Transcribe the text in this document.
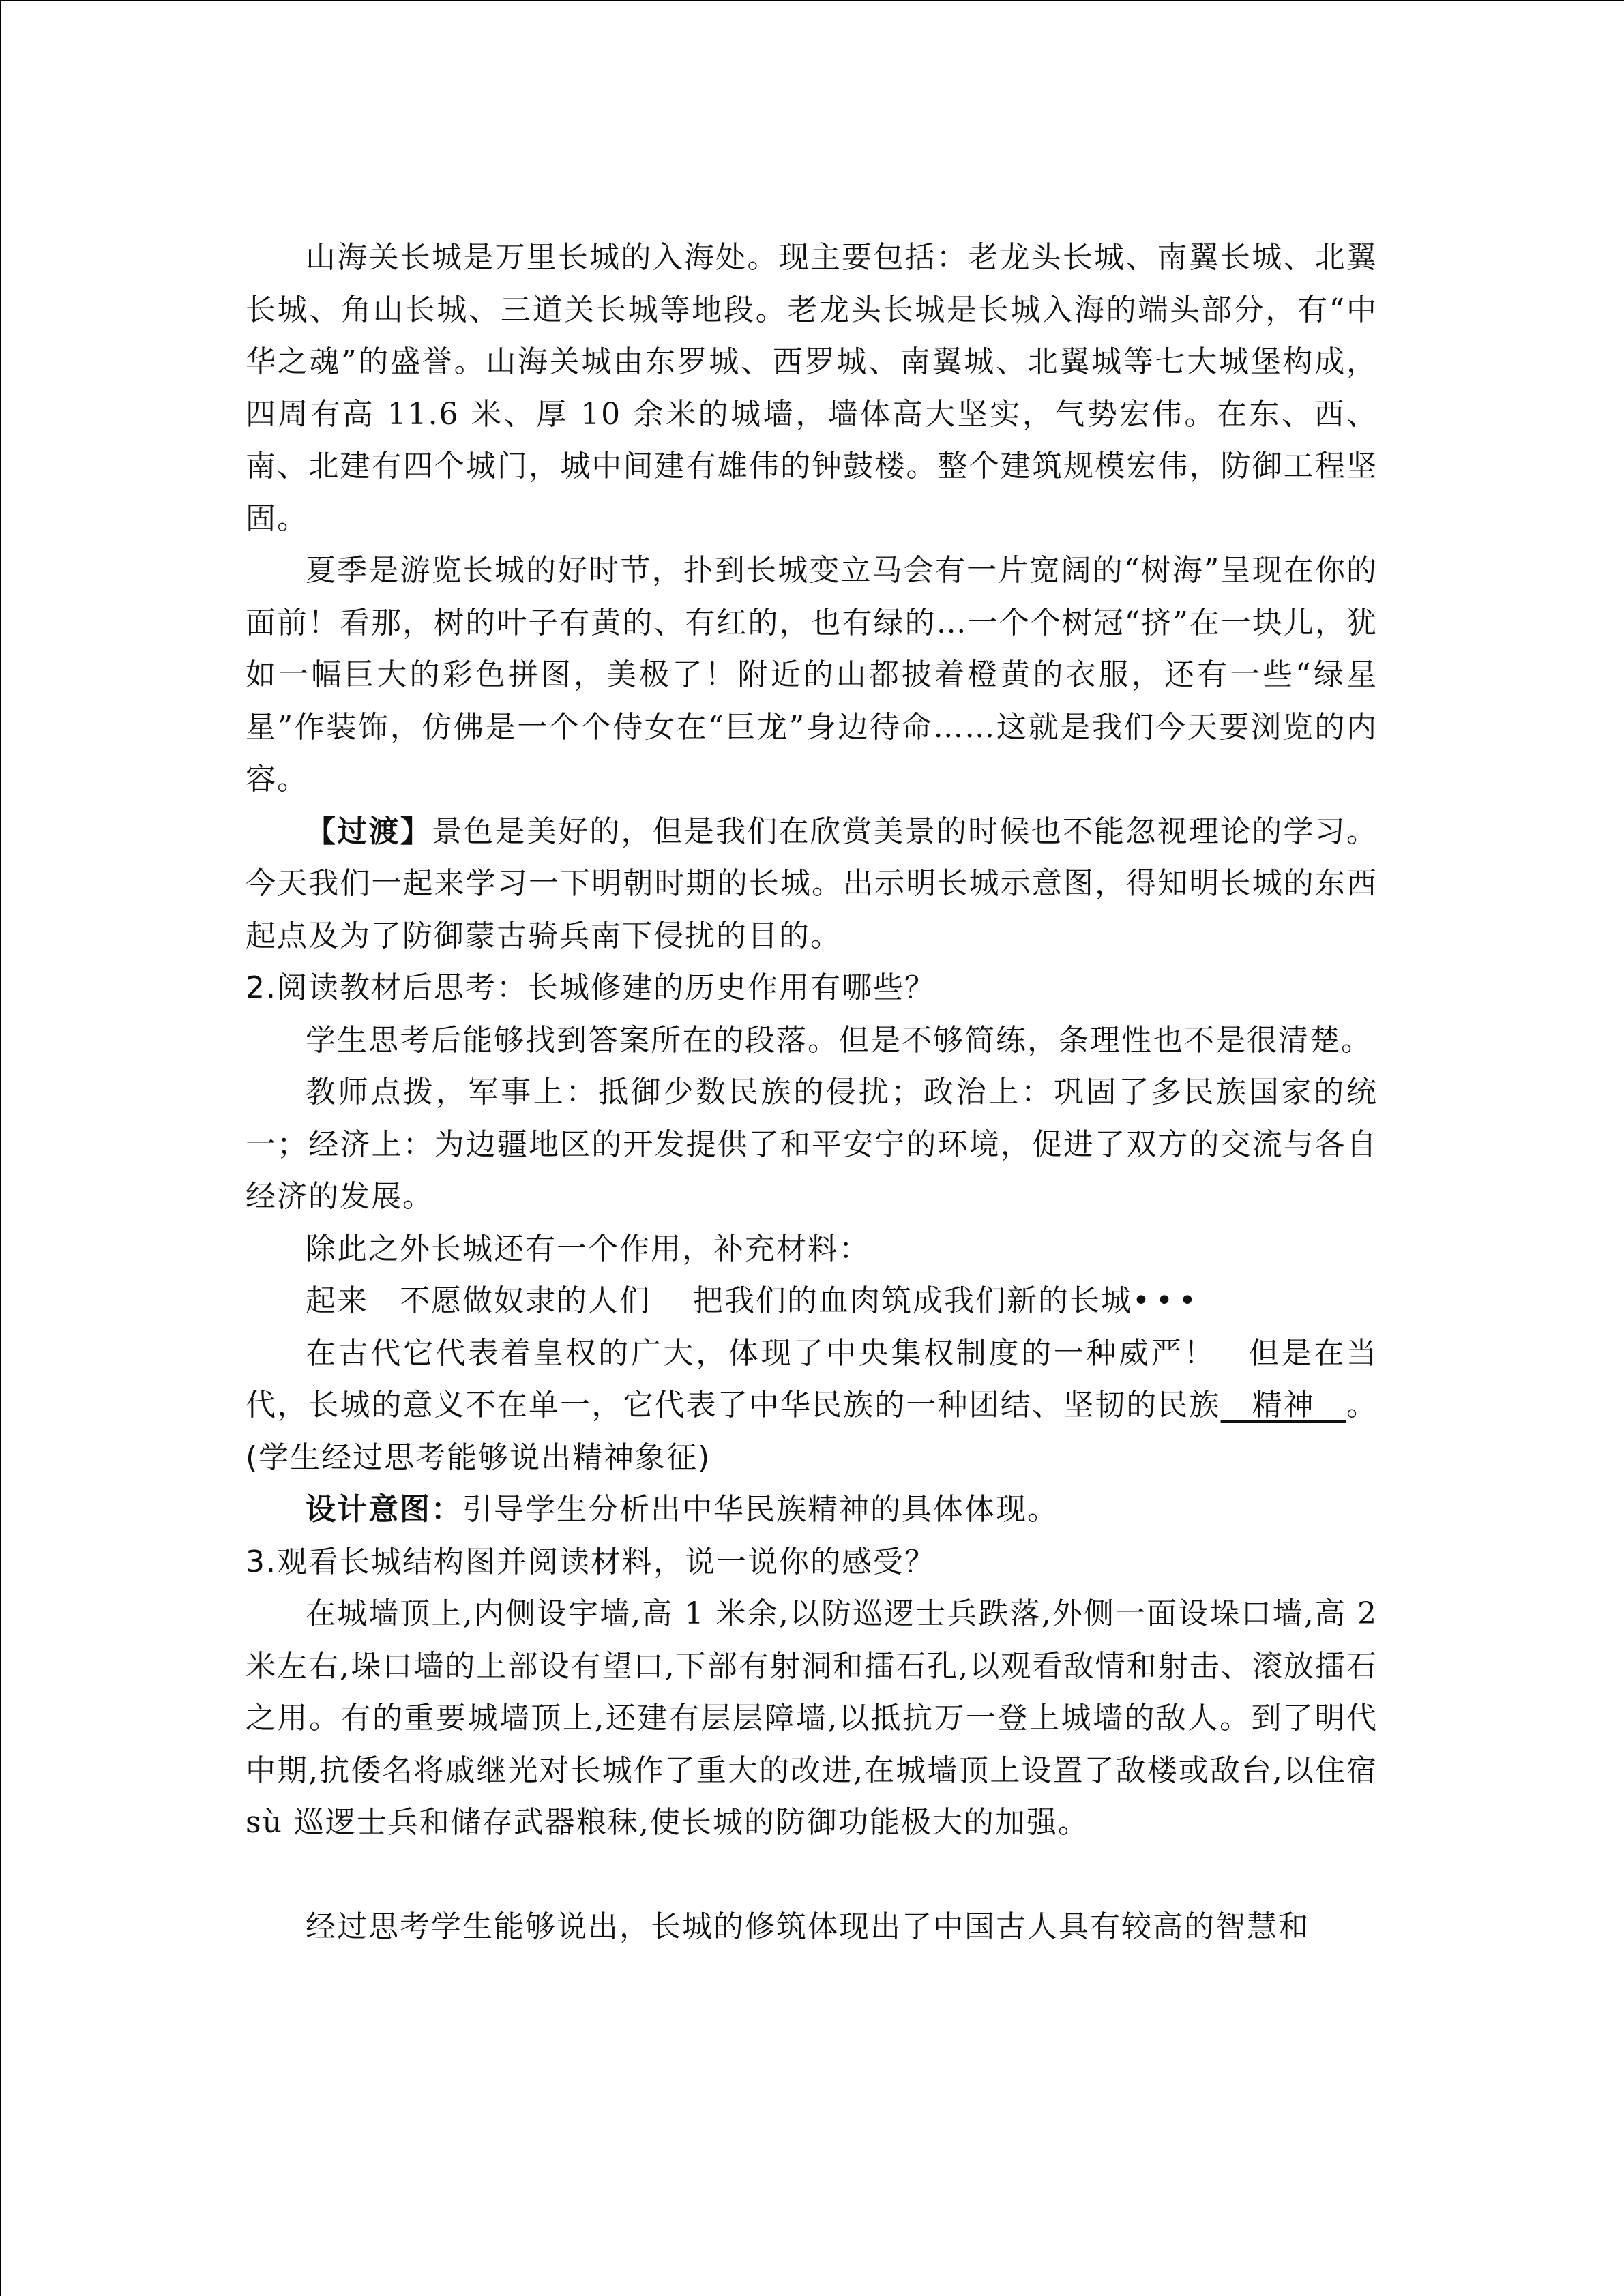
山海关长城是万里长城的入海处。现主要包括：老龙头长城、南翼长城、北翼长城、角山长城、三道关长城等地段。老龙头长城是长城入海的端头部分，有“中华之魂”的盛誉。山海关城由东罗城、西罗城、南翼城、北翼城等七大城堡构成，四周有高 11.6 米、厚 10 余米的城墙，墙体高大坚实，气势宏伟。在东、西、南、北建有四个城门，城中间建有雄伟的钟鼓楼。整个建筑规模宏伟，防御工程坚固。

夏季是游览长城的好时节，扑到长城变立马会有一片宽阔的“树海”呈现在你的面前！看那，树的叶子有黄的、有红的，也有绿的…一个个树冠“挤”在一块儿，犹如一幅巨大的彩色拼图，美极了！附近的山都披着橙黄的衣服，还有一些“绿星星”作装饰，仿佛是一个个侍女在“巨龙”身边待命……这就是我们今天要浏览的内容。

【过渡】景色是美好的，但是我们在欣赏美景的时候也不能忽视理论的学习。今天我们一起来学习一下明朝时期的长城。出示明长城示意图，得知明长城的东西起点及为了防御蒙古骑兵南下侵扰的目的。

2.阅读教材后思考：长城修建的历史作用有哪些？

学生思考后能够找到答案所在的段落。但是不够简练，条理性也不是很清楚。

教师点拨，军事上：抵御少数民族的侵扰；政治上：巩固了多民族国家的统一；经济上：为边疆地区的开发提供了和平安宁的环境，促进了双方的交流与各自经济的发展。

除此之外长城还有一个作用，补充材料：

起来　不愿做奴隶的人们　 把我们的血肉筑成我们新的长城•••

在古代它代表着皇权的广大，体现了中央集权制度的一种威严！　但是在当代，长城的意义不在单一，它代表了中华民族的一种团结、坚韧的民族　精神　。(学生经过思考能够说出精神象征)

设计意图：引导学生分析出中华民族精神的具体体现。

3.观看长城结构图并阅读材料，说一说你的感受？

在城墙顶上,内侧设宇墙,高 1 米余,以防巡逻士兵跌落,外侧一面设垛口墙,高 2 米左右,垛口墙的上部设有望口,下部有射洞和擂石孔,以观看敌情和射击、滚放擂石之用。有的重要城墙顶上,还建有层层障墙,以抵抗万一登上城墙的敌人。到了明代中期,抗倭名将戚继光对长城作了重大的改进,在城墙顶上设置了敌楼或敌台,以住宿 sù 巡逻士兵和储存武器粮秣,使长城的防御功能极大的加强。

经过思考学生能够说出，长城的修筑体现出了中国古人具有较高的智慧和
